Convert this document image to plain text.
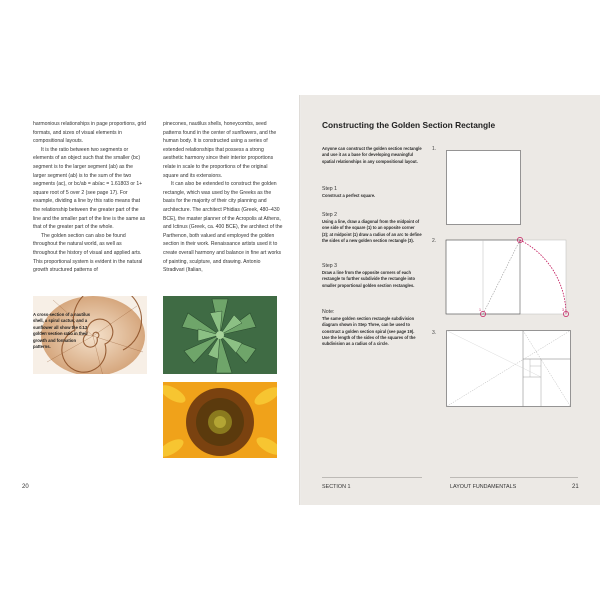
harmonious relationships in page proportions, grid formats, and sizes of visual elements in compositional layouts.

It is the ratio between two segments or elements of an object such that the smaller (bc) segment is to the larger segment (ab) as the larger segment (ab) is to the sum of the two segments (ac), or bc/ab = ab/ac = 1.61803 or 1+ square root of 5 over 2 (see page 17). For example, dividing a line by this ratio means that the relationship between the greater part of the line and the smaller part of the line is the same as that of the greater part of the whole.

The golden section can also be found throughout the natural world, as well as throughout the history of visual and applied arts. This proportional system is evident in the natural growth structured patterns of

pinecones, nautilus shells, honeycombs, seed patterns found in the center of sunflowers, and the human body. It is constructed using a series of extended relationships that possess a strong aesthetic harmony since their interior proportions relate in scale to the proportions of the original square and its extensions.

It can also be extended to construct the golden rectangle, which was used by the Greeks as the basis for the majority of their city planning and architecture. The architect Phidias (Greek, 480–430 BCE), the master planner of the Acropolis at Athens, and Ictinus (Greek, ca. 400 BCE), the architect of the Parthenon, both valued and employed the golden section in their work. Renaissance artists used it to create overall harmony and balance in fine art works of painting, sculpture, and drawing. Antonio Stradivari (Italian,

A cross-section of a nautilus shell, a spiral cactus, and a sunflower all show the 0.13 golden section ratio in their growth and formation patterns.
20	SECTION 1	LAYOUT FUNDAMENTALS	21
Constructing the Golden Section Rectangle
Anyone can construct the golden section rectangle and use it as a base for developing meaningful spatial relationships in any compositional layout.
Step 1
Construct a perfect square.
Step 2
Using a line, draw a diagonal from the midpoint of one side of the square (1) to an opposite corner (2); at midpoint (1) draw a radius of an arc to define the sides of a new golden section rectangle (3).
Step 3
Draw a line from the opposite corners of each rectangle to further subdivide the rectangle into smaller proportional golden section rectangles.
Note:
The same golden section rectangle subdivision diagram shown in Step Three, can be used to construct a golden section spiral (see page 19). Use the length of the sides of the squares of the subdivision as a radius of a circle.
1.
2.
3.
2
1	3
